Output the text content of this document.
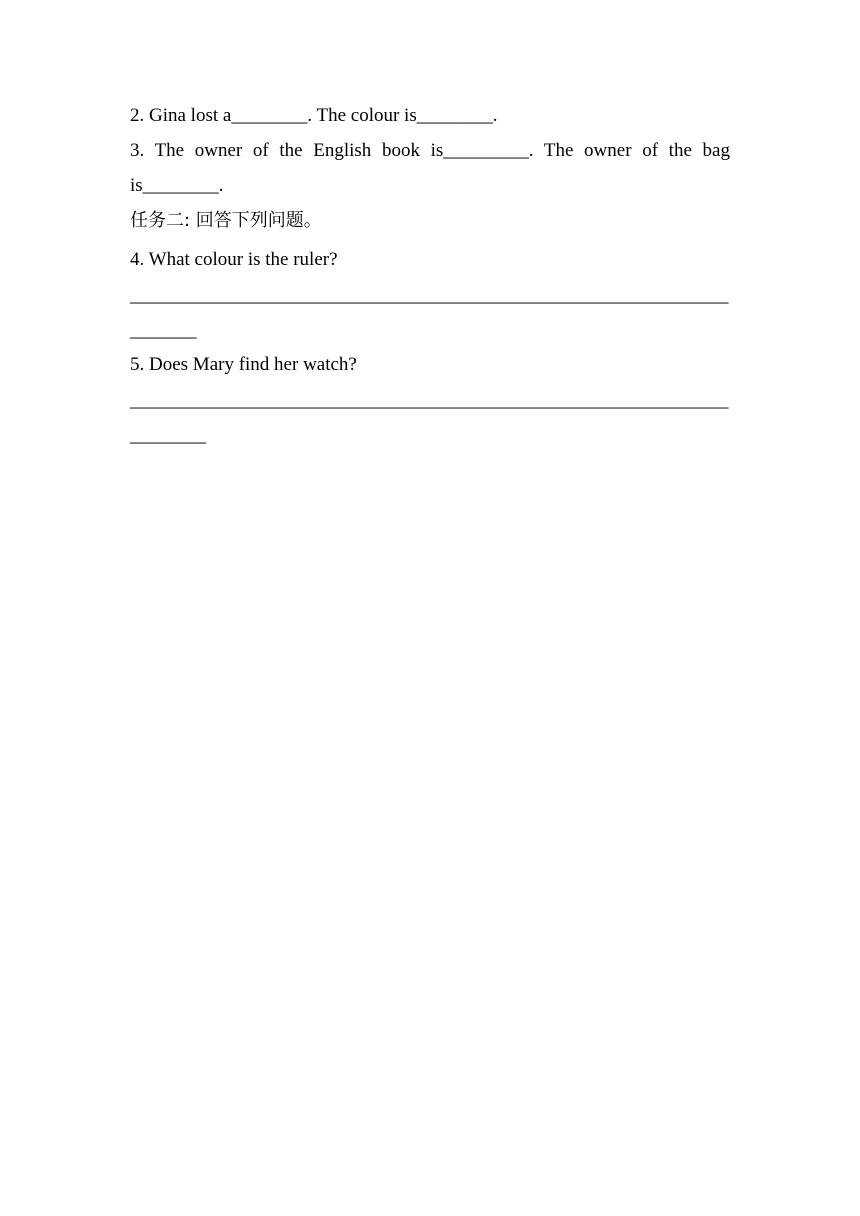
2. Gina lost a________. The colour is________.
3. The owner of the English book is_________. The owner of the bag
is________.
任务二: 回答下列问题。
4. What colour is the ruler?
_______________________________________________________________
_______
5. Does Mary find her watch?
_______________________________________________________________
________
